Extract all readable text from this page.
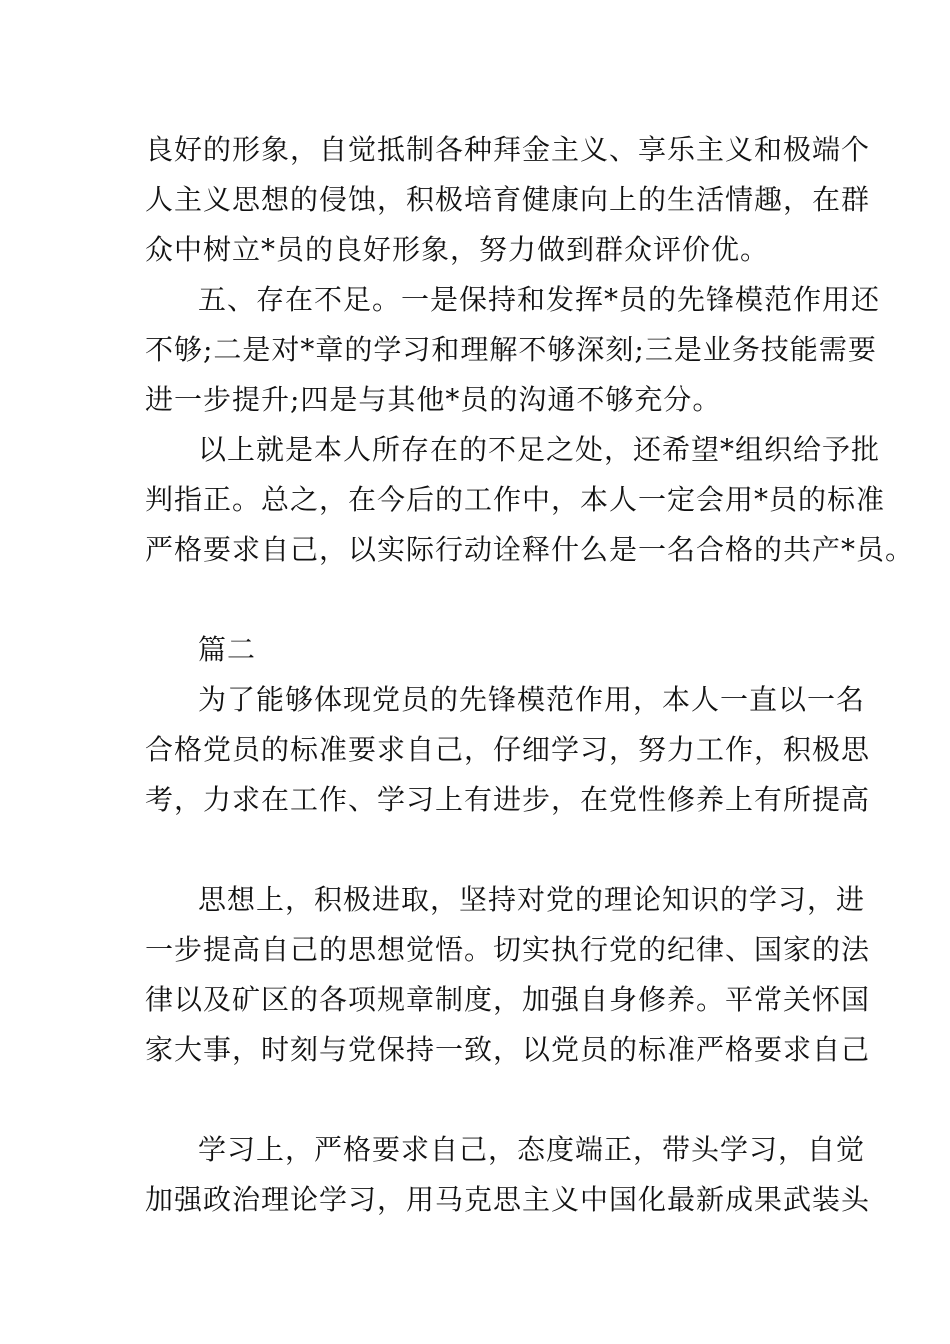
良好的形象，自觉抵制各种拜金主义、享乐主义和极端个
人主义思想的侵蚀，积极培育健康向上的生活情趣，在群
众中树立*员的良好形象，努力做到群众评价优。
五、存在不足。一是保持和发挥*员的先锋模范作用还
不够;二是对*章的学习和理解不够深刻;三是业务技能需要
进一步提升;四是与其他*员的沟通不够充分。
以上就是本人所存在的不足之处，还希望*组织给予批
判指正。总之，在今后的工作中，本人一定会用*员的标准
严格要求自己，以实际行动诠释什么是一名合格的共产*员。
篇二
为了能够体现党员的先锋模范作用，本人一直以一名
合格党员的标准要求自己，仔细学习，努力工作，积极思
考，力求在工作、学习上有进步，在党性修养上有所提高
思想上，积极进取，坚持对党的理论知识的学习，进
一步提高自己的思想觉悟。切实执行党的纪律、国家的法
律以及矿区的各项规章制度，加强自身修养。平常关怀国
家大事，时刻与党保持一致，以党员的标准严格要求自己
学习上，严格要求自己，态度端正，带头学习，自觉
加强政治理论学习，用马克思主义中国化最新成果武装头
